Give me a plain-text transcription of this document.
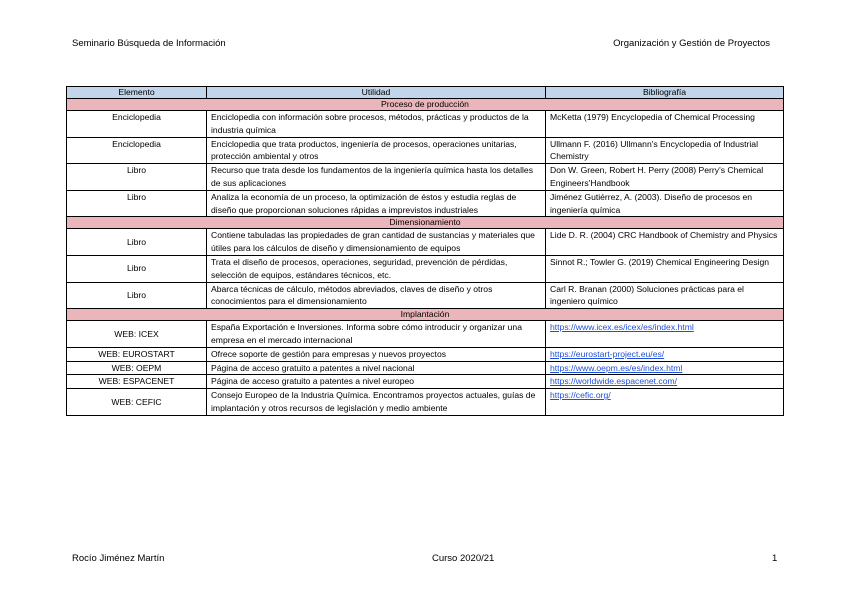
Seminario Búsqueda de Información	Organización y Gestión de Proyectos
Elemento	Utilidad	Bibliografía
Proceso de producción		
Enciclopedia	Enciclopedia con información sobre procesos, métodos, prácticas y productos de la industria química	McKetta (1979) Encyclopedia of Chemical Processing
Enciclopedia	Enciclopedia que trata productos, ingeniería de procesos, operaciones unitarias, protección ambiental y otros	Ullmann F. (2016) Ullmann's Encyclopedia of Industrial Chemistry
Libro	Recurso que trata desde los fundamentos de la ingeniería química hasta los detalles de sus aplicaciones	Don W. Green, Robert H. Perry (2008) Perry's Chemical Engineers'Handbook
Libro	Analiza la economía de un proceso, la optimización de éstos y estudia reglas de diseño que proporcionan soluciones rápidas a imprevistos industriales	Jiménez Gutiérrez, A. (2003). Diseño de procesos en ingeniería química
Dimensionamiento		
Libro	Contiene tabuladas las propiedades de gran cantidad de sustancias y materiales que útiles para los cálculos de diseño y dimensionamiento de equipos	Lide D. R. (2004) CRC Handbook of Chemistry and Physics
Libro	Trata el diseño de procesos, operaciones, seguridad, prevención de pérdidas, selección de equipos, estándares técnicos, etc.	Sinnot R.; Towler G. (2019) Chemical Engineering Design
Libro	Abarca técnicas de cálculo, métodos abreviados, claves de diseño y otros conocimientos para el dimensionamiento	Carl R. Branan (2000) Soluciones prácticas para el ingeniero químico
Implantación		
WEB: ICEX	España Exportación e Inversiones. Informa sobre cómo introducir y organizar una empresa en el mercado internacional	https://www.icex.es/icex/es/index.html
WEB: EUROSTART	Ofrece soporte de gestión para empresas y nuevos proyectos	https://eurostart-project.eu/es/
WEB: OEPM	Página de acceso gratuito a patentes a nivel nacional	https://www.oepm.es/es/index.html
WEB: ESPACENET	Página de acceso gratuito a patentes a nivel europeo	https://worldwide.espacenet.com/
WEB: CEFIC	Consejo Europeo de la Industria Química. Encontramos proyectos actuales, guías de implantación y otros recursos de legislación y medio ambiente	https://cefic.org/
Rocío Jiménez Martín	Curso 2020/21	1
